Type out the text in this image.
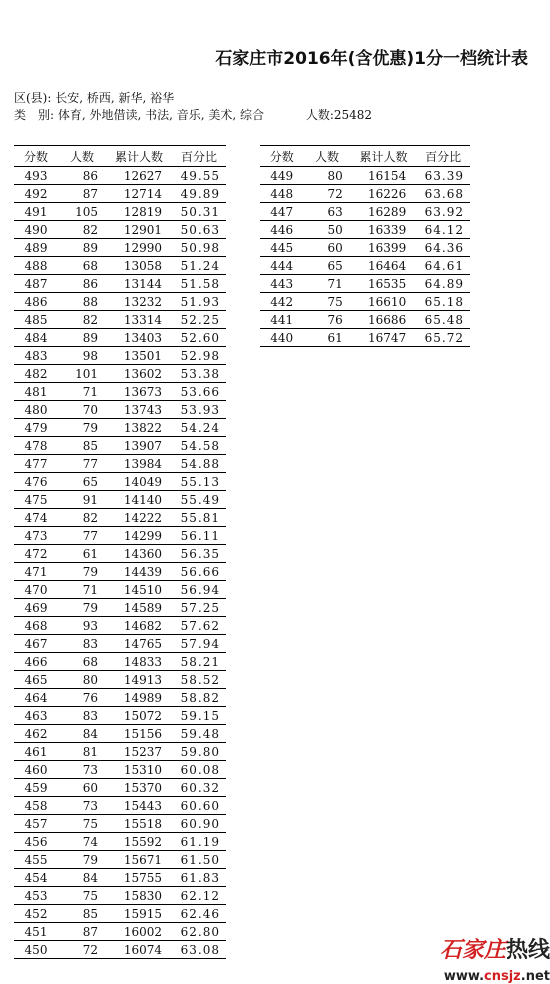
石家庄市2016年(含优惠)1分一档统计表
区(县): 长安, 桥西, 新华, 裕华
类　别: 体育, 外地借读, 书法, 音乐, 美术, 综合	人数:25482
分数	人数	累计人数	百分比
493	86	12627	49.55
492	87	12714	49.89
491	105	12819	50.31
490	82	12901	50.63
489	89	12990	50.98
488	68	13058	51.24
487	86	13144	51.58
486	88	13232	51.93
485	82	13314	52.25
484	89	13403	52.60
483	98	13501	52.98
482	101	13602	53.38
481	71	13673	53.66
480	70	13743	53.93
479	79	13822	54.24
478	85	13907	54.58
477	77	13984	54.88
476	65	14049	55.13
475	91	14140	55.49
474	82	14222	55.81
473	77	14299	56.11
472	61	14360	56.35
471	79	14439	56.66
470	71	14510	56.94
469	79	14589	57.25
468	93	14682	57.62
467	83	14765	57.94
466	68	14833	58.21
465	80	14913	58.52
464	76	14989	58.82
463	83	15072	59.15
462	84	15156	59.48
461	81	15237	59.80
460	73	15310	60.08
459	60	15370	60.32
458	73	15443	60.60
457	75	15518	60.90
456	74	15592	61.19
455	79	15671	61.50
454	84	15755	61.83
453	75	15830	62.12
452	85	15915	62.46
451	87	16002	62.80
450	72	16074	63.08
分数	人数	累计人数	百分比
449	80	16154	63.39
448	72	16226	63.68
447	63	16289	63.92
446	50	16339	64.12
445	60	16399	64.36
444	65	16464	64.61
443	71	16535	64.89
442	75	16610	65.18
441	76	16686	65.48
440	61	16747	65.72
石家庄热线
www.cnsjz.net
